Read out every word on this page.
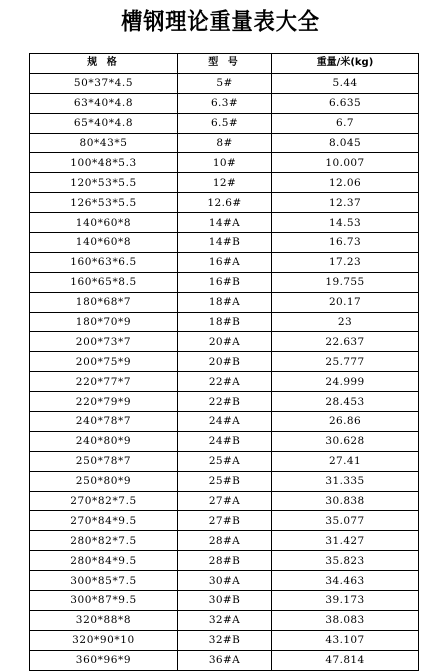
槽钢理论重量表大全
规 格	型 号	重量/米(kg)
50*37*4.5	5#	5.44
63*40*4.8	6.3#	6.635
65*40*4.8	6.5#	6.7
80*43*5	8#	8.045
100*48*5.3	10#	10.007
120*53*5.5	12#	12.06
126*53*5.5	12.6#	12.37
140*60*8	14#A	14.53
140*60*8	14#B	16.73
160*63*6.5	16#A	17.23
160*65*8.5	16#B	19.755
180*68*7	18#A	20.17
180*70*9	18#B	23
200*73*7	20#A	22.637
200*75*9	20#B	25.777
220*77*7	22#A	24.999
220*79*9	22#B	28.453
240*78*7	24#A	26.86
240*80*9	24#B	30.628
250*78*7	25#A	27.41
250*80*9	25#B	31.335
270*82*7.5	27#A	30.838
270*84*9.5	27#B	35.077
280*82*7.5	28#A	31.427
280*84*9.5	28#B	35.823
300*85*7.5	30#A	34.463
300*87*9.5	30#B	39.173
320*88*8	32#A	38.083
320*90*10	32#B	43.107
360*96*9	36#A	47.814
